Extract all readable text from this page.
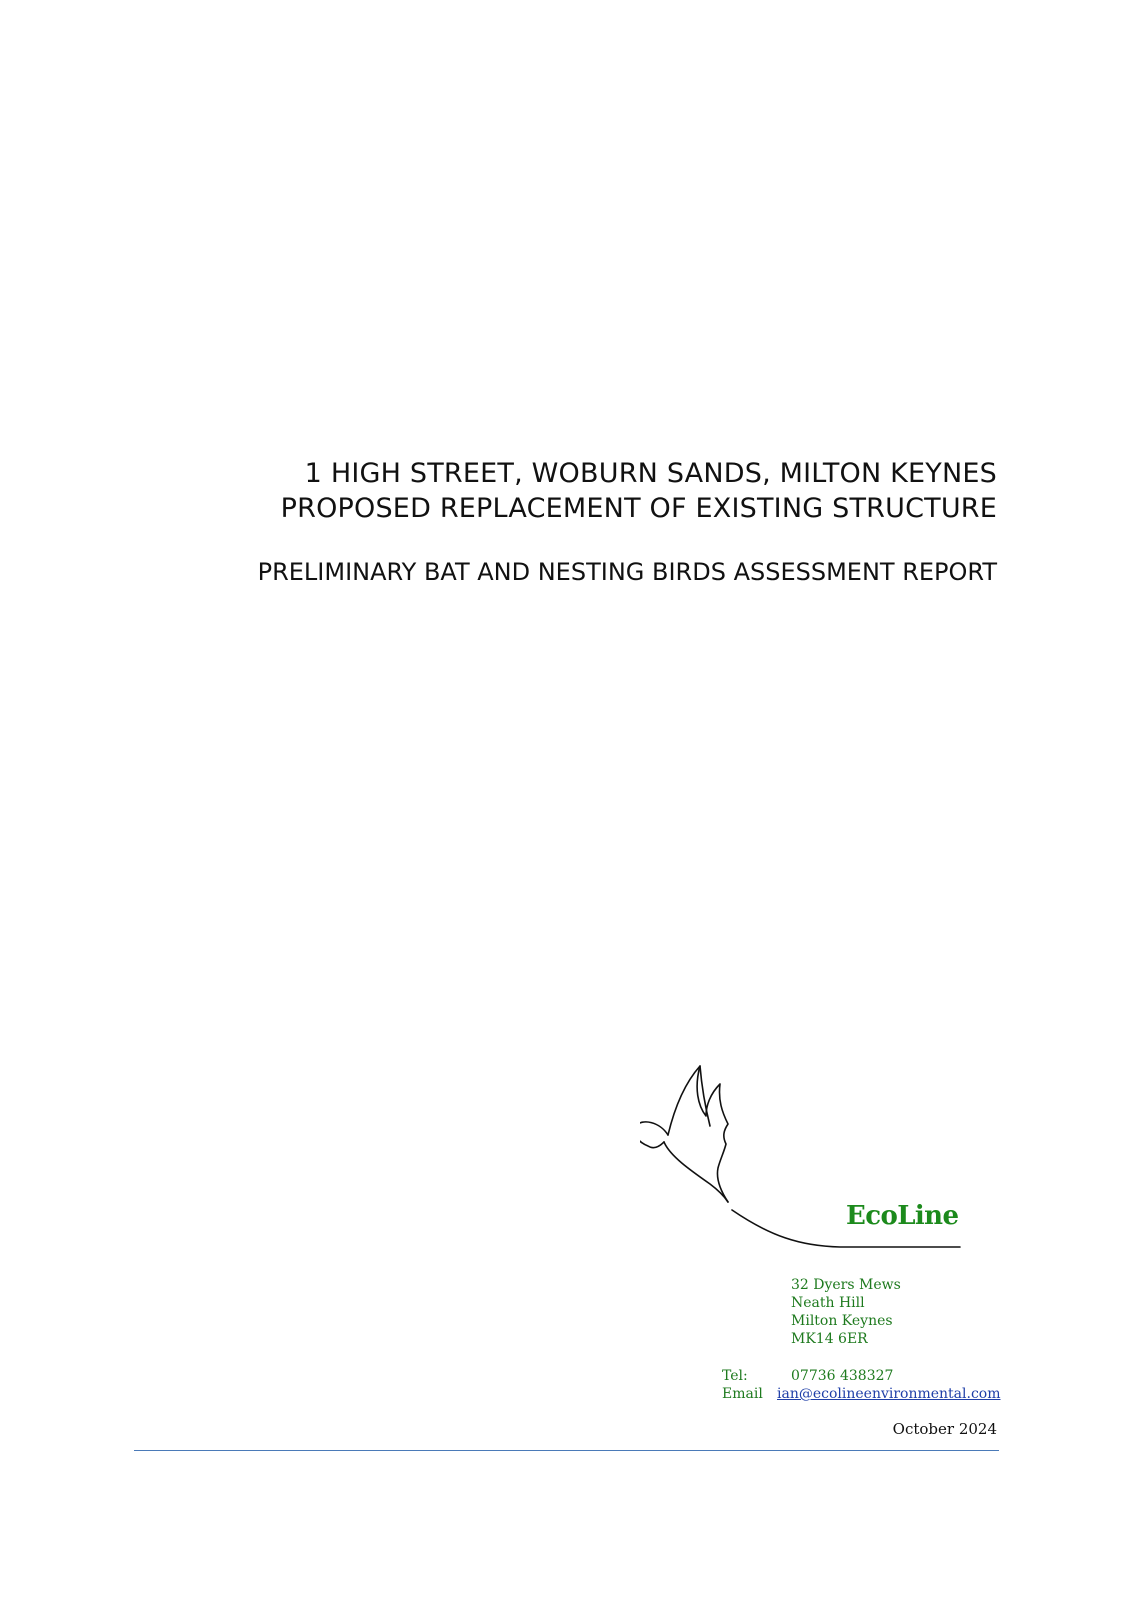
1 HIGH STREET, WOBURN SANDS, MILTON KEYNES
PROPOSED REPLACEMENT OF EXISTING STRUCTURE
PRELIMINARY BAT AND NESTING BIRDS ASSESSMENT REPORT
EcoLine
32 Dyers Mews
Neath Hill
Milton Keynes
MK14 6ER
Tel:	07736 438327
Email ian@ecolineenvironmental.com
October 2024
